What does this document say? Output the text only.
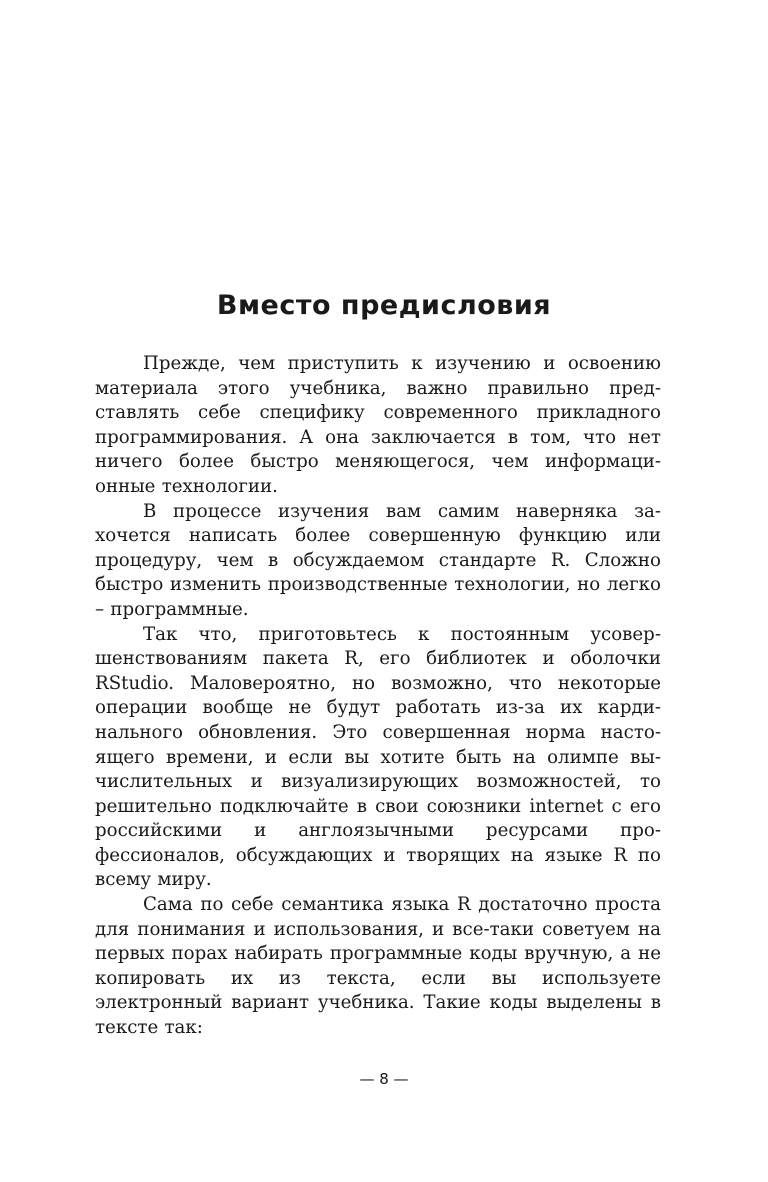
Вместо предисловия

Прежде, чем приступить к изучению и освоению материала этого учебника, важно правильно представлять себе специфику современного прикладного программирования. А она заключается в том, что нет ничего более быстро меняющегося, чем информационные технологии.

В процессе изучения вам самим наверняка захочется написать более совершенную функцию или процедуру, чем в обсуждаемом стандарте R. Сложно быстро изменить производственные технологии, но легко – программные.

Так что, приготовьтесь к постоянным усовершенствованиям пакета R, его библиотек и оболочки RStudio. Маловероятно, но возможно, что некоторые операции вообще не будут работать из-за их кардинального обновления. Это совершенная норма настоящего времени, и если вы хотите быть на олимпе вычислительных и визуализирующих возможностей, то решительно подключайте в свои союзники internet с его российскими и англоязычными ресурсами профессионалов, обсуждающих и творящих на языке R по всему миру.

Сама по себе семантика языка R достаточно проста для понимания и использования, и все-таки советуем на первых порах набирать программные коды вручную, а не копировать их из текста, если вы используете электронный вариант учебника. Такие коды выделены в тексте так:

— 8 —
